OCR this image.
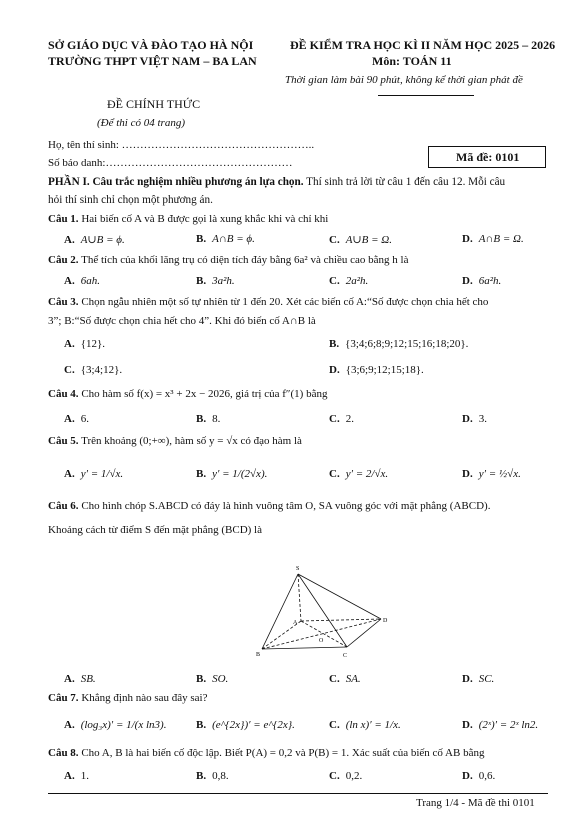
SỞ GIÁO DỤC VÀ ĐÀO TẠO HÀ NỘI
TRƯỜNG THPT VIỆT NAM – BA LAN
ĐỀ KIỂM TRA HỌC KÌ II NĂM HỌC 2025 – 2026
Môn: TOÁN 11
Thời gian làm bài 90 phút, không kể thời gian phát đề
ĐỀ CHÍNH THỨC
(Để thi có 04 trang)
Họ, tên thí sinh: ……………………………………………..
Số báo danh:……………………………………………	Mã đề: 0101
PHẦN I. Câu trắc nghiệm nhiều phương án lựa chọn. Thí sinh trả lời từ câu 1 đến câu 12. Mỗi câu
hỏi thí sinh chỉ chọn một phương án.
Câu 1. Hai biến cố A và B được gọi là xung khắc khi và chỉ khi
A. A∪B = ϕ.	B. A∩B = ϕ.	C. A∪B = Ω.	D. A∩B = Ω.
Câu 2. Thể tích của khối lăng trụ có diện tích đáy bằng 6a² và chiều cao bằng h là
A. 6ah.	B. 3a²h.	C. 2a²h.	D. 6a²h.
Câu 3. Chọn ngẫu nhiên một số tự nhiên từ 1 đến 20. Xét các biến cố A:“Số được chọn chia hết cho
3”; B:“Số được chọn chia hết cho 4”. Khi đó biến cố A∩B là
A. {12}.	B. {3;4;6;8;9;12;15;16;18;20}.
C. {3;4;12}.	D. {3;6;9;12;15;18}.
Câu 4. Cho hàm số f(x) = x³ + 2x − 2026, giá trị của f″(1) bằng
A. 6.	B. 8.	C. 2.	D. 3.
Câu 5. Trên khoảng (0;+∞), hàm số y = √x có đạo hàm là
A. y′ = 1/√x.	B. y′ = 1/(2√x).	C. y′ = 2/√x.	D. y′ = ½√x.
Câu 6. Cho hình chóp S.ABCD có đáy là hình vuông tâm O, SA vuông góc với mặt phẳng (ABCD).
Khoảng cách từ điểm S đến mặt phẳng (BCD) là
S
A
B	C
D
O
A. SB.	B. SO.	C. SA.	D. SC.
Câu 7. Khẳng định nào sau đây sai?
A. (log₃x)′ = 1/(x ln3).	B. (e^{2x})′ = e^{2x}.	C. (ln x)′ = 1/x.	D. (2ˣ)′ = 2ˣ ln2.
Câu 8. Cho A, B là hai biến cố độc lập. Biết P(A) = 0,2 và P(B) = 1. Xác suất của biến cố AB bằng
A. 1.	B. 0,8.	C. 0,2.	D. 0,6.
Trang 1/4 - Mã đề thi 0101
